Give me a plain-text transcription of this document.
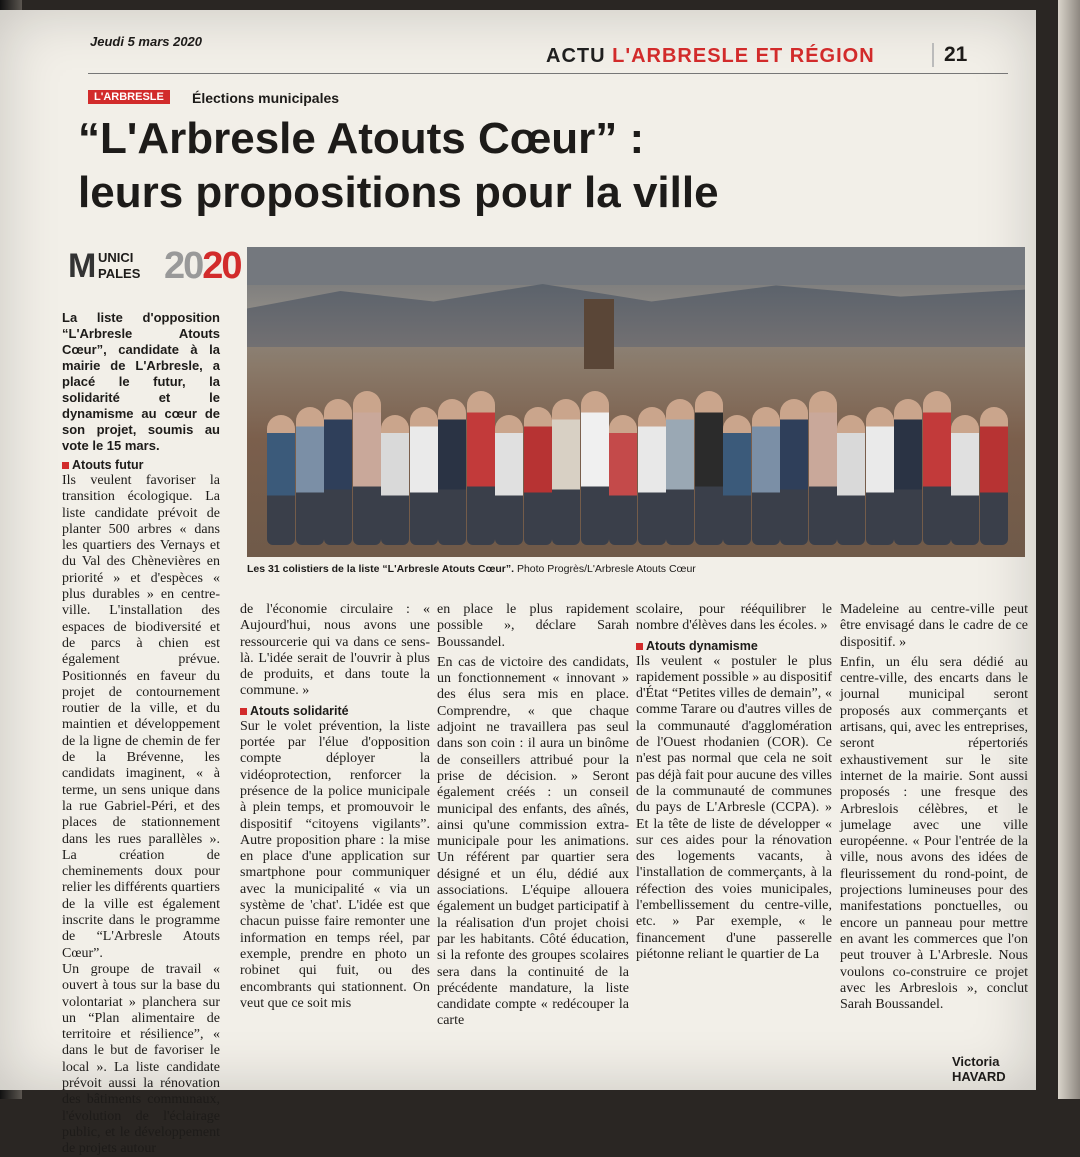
Jeudi 5 mars 2020
ACTU L'ARBRESLE ET RÉGION	21
L'ARBRESLE	Élections municipales
“L'Arbresle Atouts Cœur” :
leurs propositions pour la ville
M UNICI
PALES 2020
Les 31 colistiers de la liste “L'Arbresle Atouts Cœur”. Photo Progrès/L'Arbresle Atouts Cœur

La liste d'opposition “L'Arbresle Atouts Cœur”, candidate à la mairie de L'Arbresle, a placé le futur, la solidarité et le dynamisme au cœur de son projet, soumis au vote le 15 mars.

Atouts futur

Ils veulent favoriser la transition écologique. La liste candidate prévoit de planter 500 arbres « dans les quartiers des Vernays et du Val des Chènevières en priorité » et d'espèces « plus durables » en centre-ville. L'installation des espaces de biodiversité et de parcs à chien est également prévue. Positionnés en faveur du projet de contournement routier de la ville, et du maintien et développement de la ligne de chemin de fer de la Brévenne, les candidats imaginent, « à terme, un sens unique dans la rue Gabriel-Péri, et des places de stationnement dans les rues parallèles ». La création de cheminements doux pour relier les différents quartiers de la ville est également inscrite dans le programme de “L'Arbresle Atouts Cœur”.

Un groupe de travail « ouvert à tous sur la base du volontariat » planchera sur un “Plan alimentaire de territoire et résilience”, « dans le but de favoriser le local ». La liste candidate prévoit aussi la rénovation des bâtiments communaux, l'évolution de l'éclairage public, et le développement de projets autour

de l'économie circulaire : « Aujourd'hui, nous avons une ressourcerie qui va dans ce sens-là. L'idée serait de l'ouvrir à plus de produits, et dans toute la commune. »

Atouts solidarité

Sur le volet prévention, la liste portée par l'élue d'opposition compte déployer la vidéoprotection, renforcer la présence de la police municipale à plein temps, et promouvoir le dispositif “citoyens vigilants”. Autre proposition phare : la mise en place d'une application sur smartphone pour communiquer avec la municipalité « via un système de 'chat'. L'idée est que chacun puisse faire remonter une information en temps réel, par exemple, prendre en photo un robinet qui fuit, ou des encombrants qui stationnent. On veut que ce soit mis

en place le plus rapidement possible », déclare Sarah Boussandel.

En cas de victoire des candidats, un fonctionnement « innovant » des élus sera mis en place. Comprendre, « que chaque adjoint ne travaillera pas seul dans son coin : il aura un binôme de conseillers attribué pour la prise de décision. » Seront également créés : un conseil municipal des enfants, des aînés, ainsi qu'une commission extra-municipale pour les animations. Un référent par quartier sera désigné et un élu, dédié aux associations. L'équipe allouera également un budget participatif à la réalisation d'un projet choisi par les habitants. Côté éducation, si la refonte des groupes scolaires sera dans la continuité de la précédente mandature, la liste candidate compte « redécouper la carte

scolaire, pour rééquilibrer le nombre d'élèves dans les écoles. »

Atouts dynamisme

Ils veulent « postuler le plus rapidement possible » au dispositif d'État “Petites villes de demain”, « comme Tarare ou d'autres villes de la communauté d'agglomération de l'Ouest rhodanien (COR). Ce n'est pas normal que cela ne soit pas déjà fait pour aucune des villes de la communauté de communes du pays de L'Arbresle (CCPA). » Et la tête de liste de développer « sur ces aides pour la rénovation des logements vacants, à l'installation de commerçants, à la réfection des voies municipales, l'embellissement du centre-ville, etc. » Par exemple, « le financement d'une passerelle piétonne reliant le quartier de La

Madeleine au centre-ville peut être envisagé dans le cadre de ce dispositif. »

Enfin, un élu sera dédié au centre-ville, des encarts dans le journal municipal seront proposés aux commerçants et artisans, qui, avec les entreprises, seront répertoriés exhaustivement sur le site internet de la mairie. Sont aussi proposés : une fresque des Arbreslois célèbres, et le jumelage avec une ville européenne. « Pour l'entrée de la ville, nous avons des idées de fleurissement du rond-point, de projections lumineuses pour des manifestations ponctuelles, ou encore un panneau pour mettre en avant les commerces que l'on peut trouver à L'Arbresle. Nous voulons co-construire ce projet avec les Arbreslois », conclut Sarah Boussandel.

Victoria HAVARD
